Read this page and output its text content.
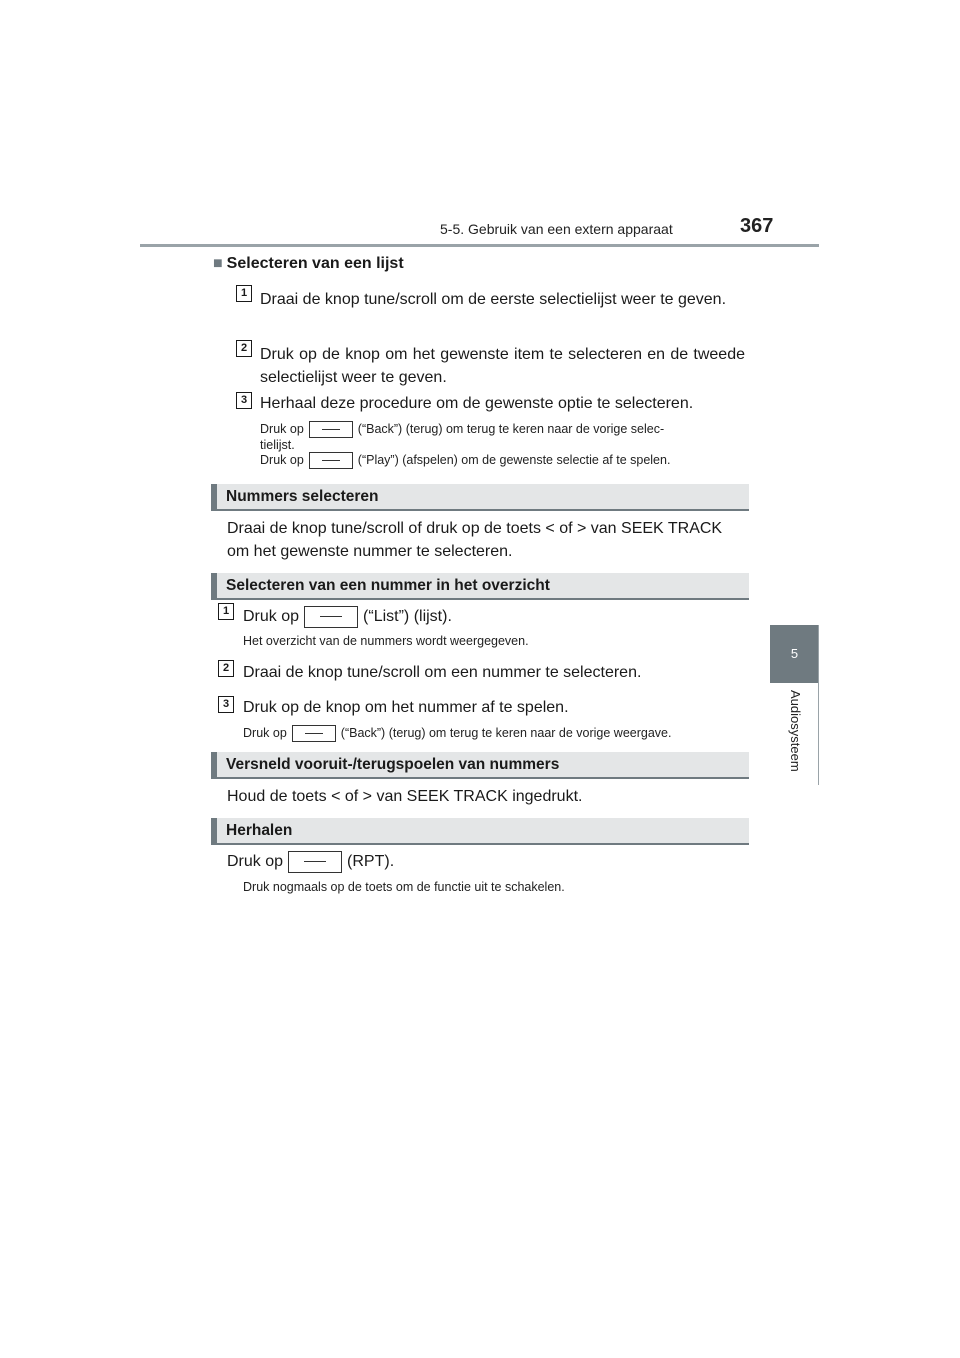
5-5. Gebruik van een extern apparaat	367
5
Audiosysteem
■ Selecteren van een lijst
1 Draai de knop tune/scroll om de eerste selectielijst weer te geven.
2 Druk op de knop om het gewenste item te selecteren en de tweede selectielijst weer te geven.
3 Herhaal deze procedure om de gewenste optie te selecteren.
Druk op	(“Back”) (terug) om terug te keren naar de vorige selec-
tielijst.
Druk op	(“Play”) (afspelen) om de gewenste selectie af te spelen.
Nummers selecteren
Draai de knop tune/scroll of druk op de toets < of > van SEEK TRACK
om het gewenste nummer te selecteren.
Selecteren van een nummer in het overzicht
1 Druk op	(“List”) (lijst).
Het overzicht van de nummers wordt weergegeven.
2 Draai de knop tune/scroll om een nummer te selecteren.
3 Druk op de knop om het nummer af te spelen.
Druk op	(“Back”) (terug) om terug te keren naar de vorige weergave.
Versneld vooruit-/terugspoelen van nummers
Houd de toets < of > van SEEK TRACK ingedrukt.
Herhalen
Druk op	(RPT).
Druk nogmaals op de toets om de functie uit te schakelen.
